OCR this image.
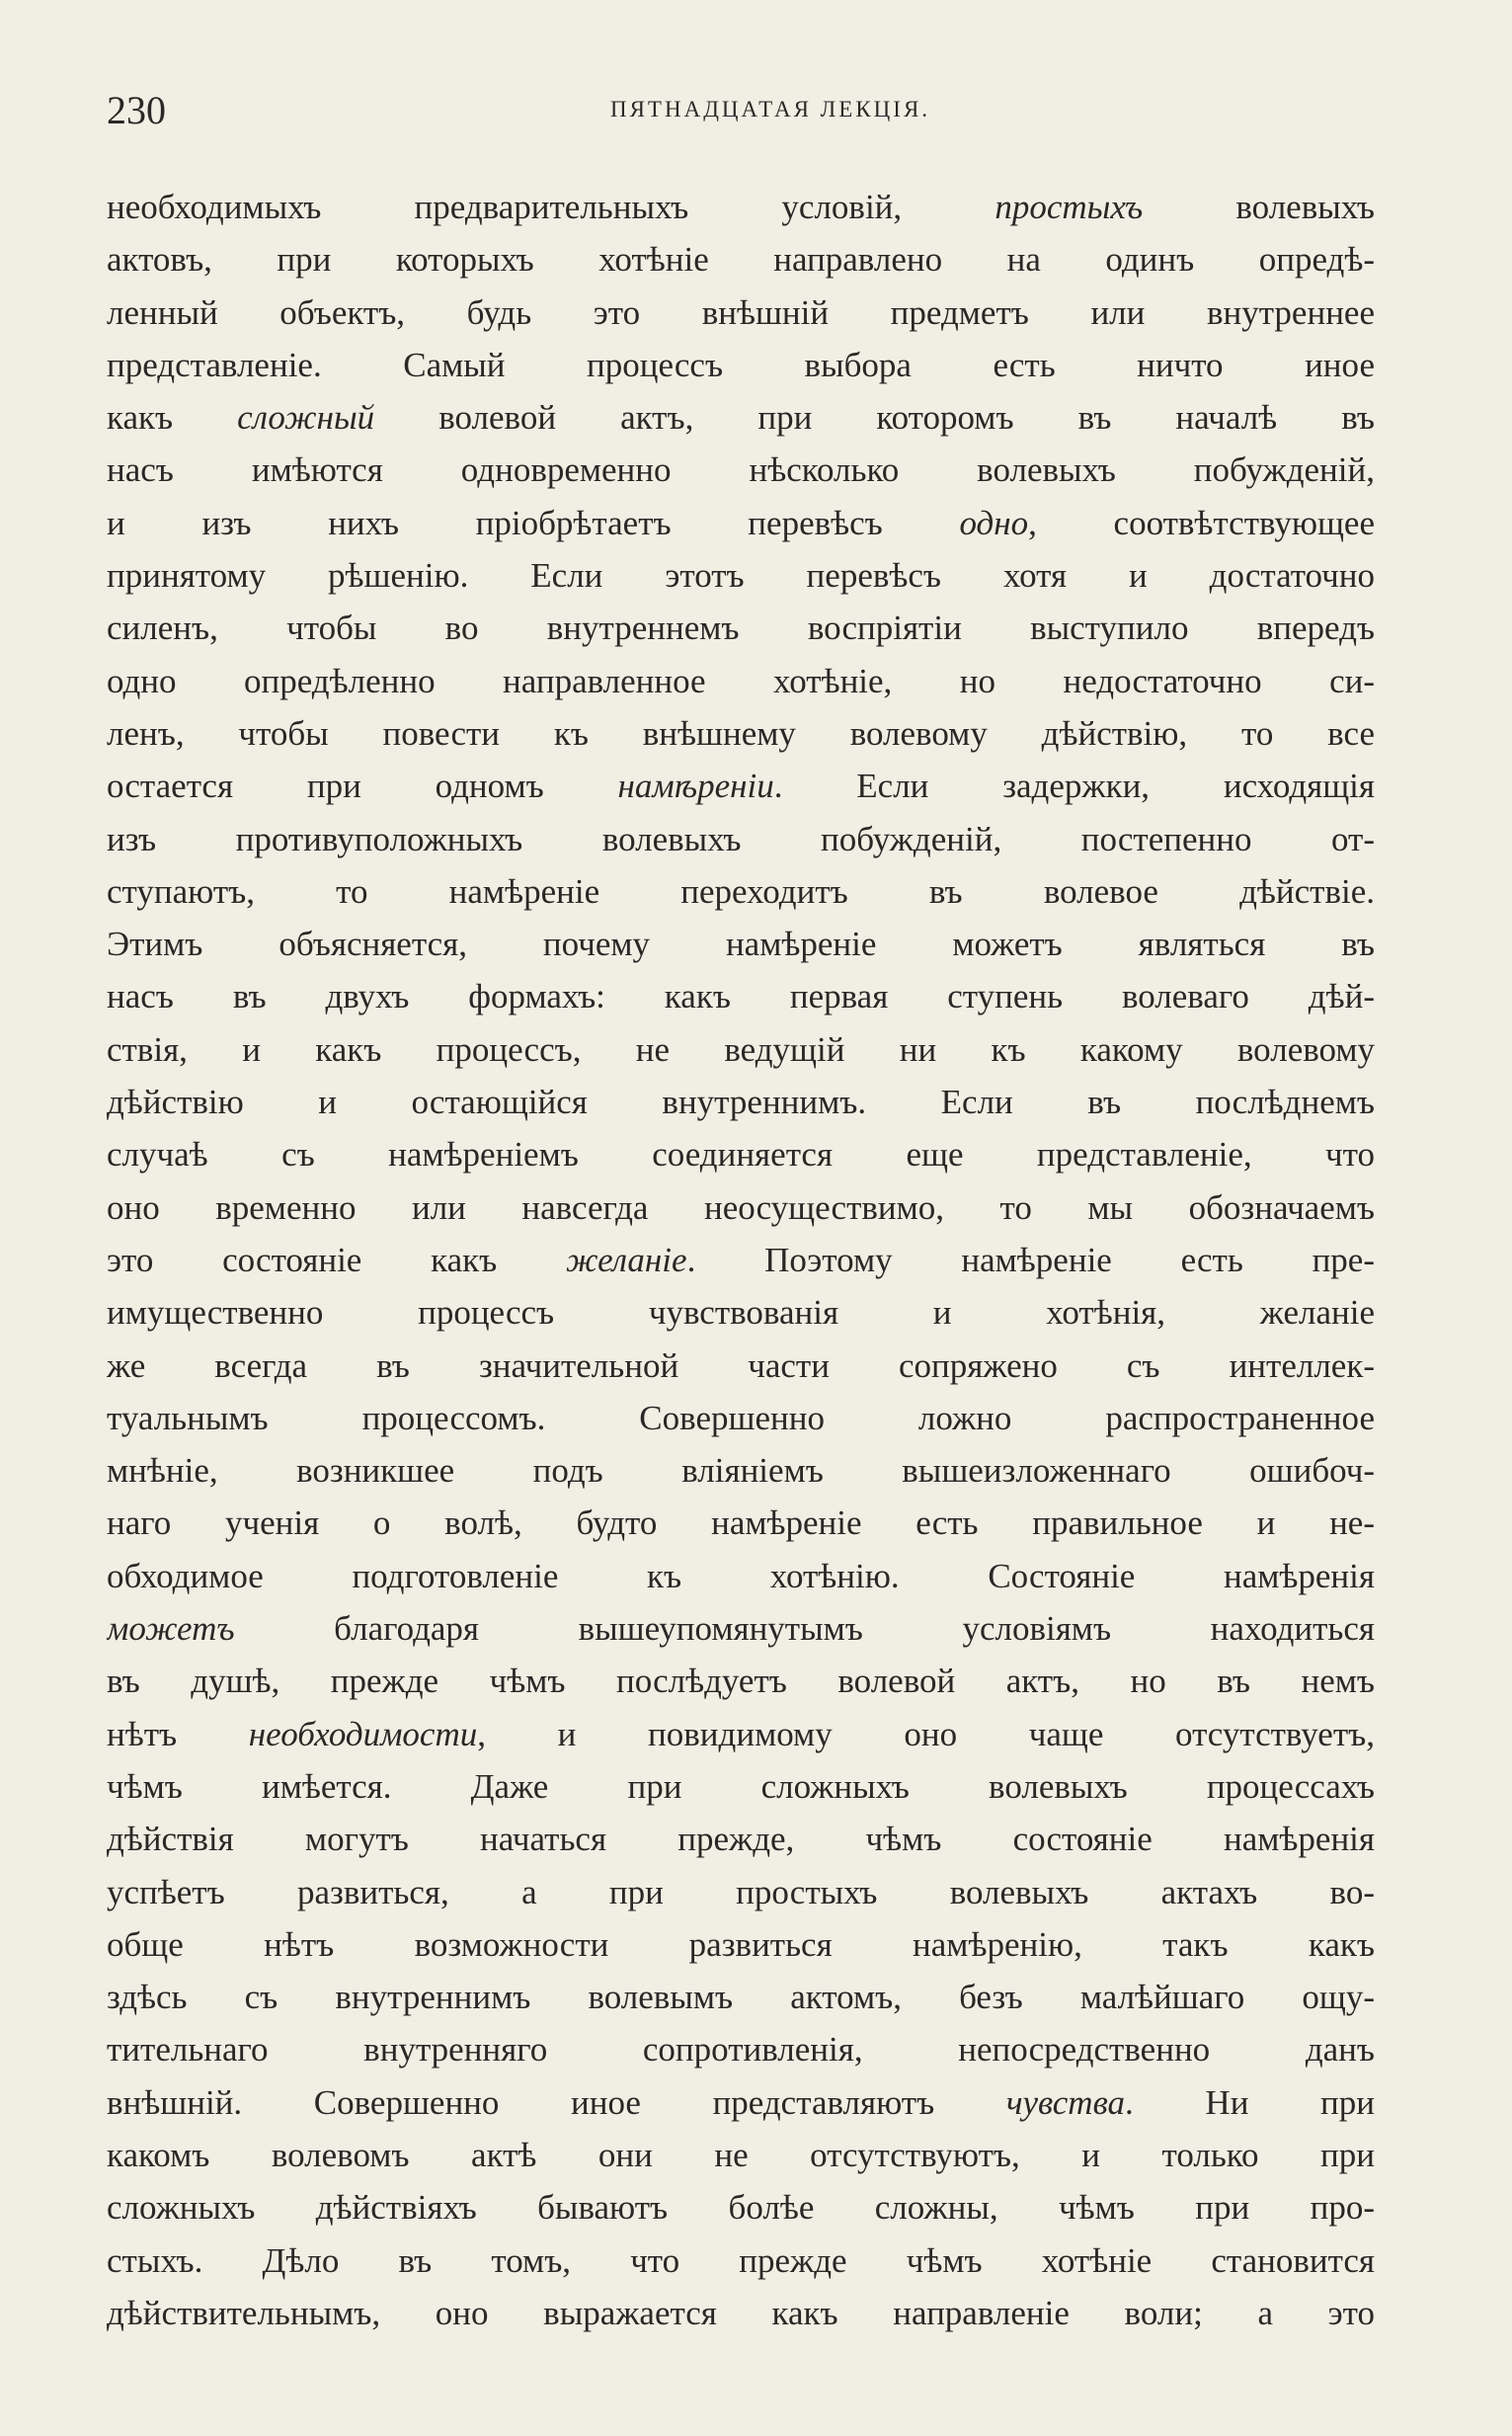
230	ПЯТНАДЦАТАЯ ЛЕКЦІЯ.
необходимыхъ предварительныхъ условій, простыхъ волевыхъ
актовъ, при которыхъ хотѣніе направлено на одинъ опредѣ-
ленный объектъ, будь это внѣшній предметъ или внутреннее
представленіе. Самый процессъ выбора есть ничто иное
какъ сложный волевой актъ, при которомъ въ началѣ въ
насъ имѣются одновременно нѣсколько волевыхъ побужденій,
и изъ нихъ пріобрѣтаетъ перевѣсъ одно, соотвѣтствующее
принятому рѣшенію. Если этотъ перевѣсъ хотя и достаточно
силенъ, чтобы во внутреннемъ воспріятіи выступило впередъ
одно опредѣленно направленное хотѣніе, но недостаточно си-
ленъ, чтобы повести къ внѣшнему волевому дѣйствію, то все
остается при одномъ намѣреніи. Если задержки, исходящія
изъ противуположныхъ волевыхъ побужденій, постепенно от-
ступаютъ, то намѣреніе переходитъ въ волевое дѣйствіе.
Этимъ объясняется, почему намѣреніе можетъ являться въ
насъ въ двухъ формахъ: какъ первая ступень волеваго дѣй-
ствія, и какъ процессъ, не ведущій ни къ какому волевому
дѣйствію и остающійся внутреннимъ. Если въ послѣднемъ
случаѣ съ намѣреніемъ соединяется еще представленіе, что
оно временно или навсегда неосуществимо, то мы обозначаемъ
это состояніе какъ желаніе. Поэтому намѣреніе есть пре-
имущественно процессъ чувствованія и хотѣнія, желаніе
же всегда въ значительной части сопряжено съ интеллек-
туальнымъ процессомъ. Совершенно ложно распространенное
мнѣніе, возникшее подъ вліяніемъ вышеизложеннаго ошибоч-
наго ученія о волѣ, будто намѣреніе есть правильное и не-
обходимое подготовленіе къ хотѣнію. Состояніе намѣренія
можетъ благодаря вышеупомянутымъ условіямъ находиться
въ душѣ, прежде чѣмъ послѣдуетъ волевой актъ, но въ немъ
нѣтъ необходимости, и повидимому оно чаще отсутствуетъ,
чѣмъ имѣется. Даже при сложныхъ волевыхъ процессахъ
дѣйствія могутъ начаться прежде, чѣмъ состояніе намѣренія
успѣетъ развиться, а при простыхъ волевыхъ актахъ во-
обще нѣтъ возможности развиться намѣренію, такъ какъ
здѣсь съ внутреннимъ волевымъ актомъ, безъ малѣйшаго ощу-
тительнаго внутренняго сопротивленія, непосредственно данъ
внѣшній. Совершенно иное представляютъ чувства. Ни при
какомъ волевомъ актѣ они не отсутствуютъ, и только при
сложныхъ дѣйствіяхъ бываютъ болѣе сложны, чѣмъ при про-
стыхъ. Дѣло въ томъ, что прежде чѣмъ хотѣніе становится
дѣйствительнымъ, оно выражается какъ направленіе воли; а это
